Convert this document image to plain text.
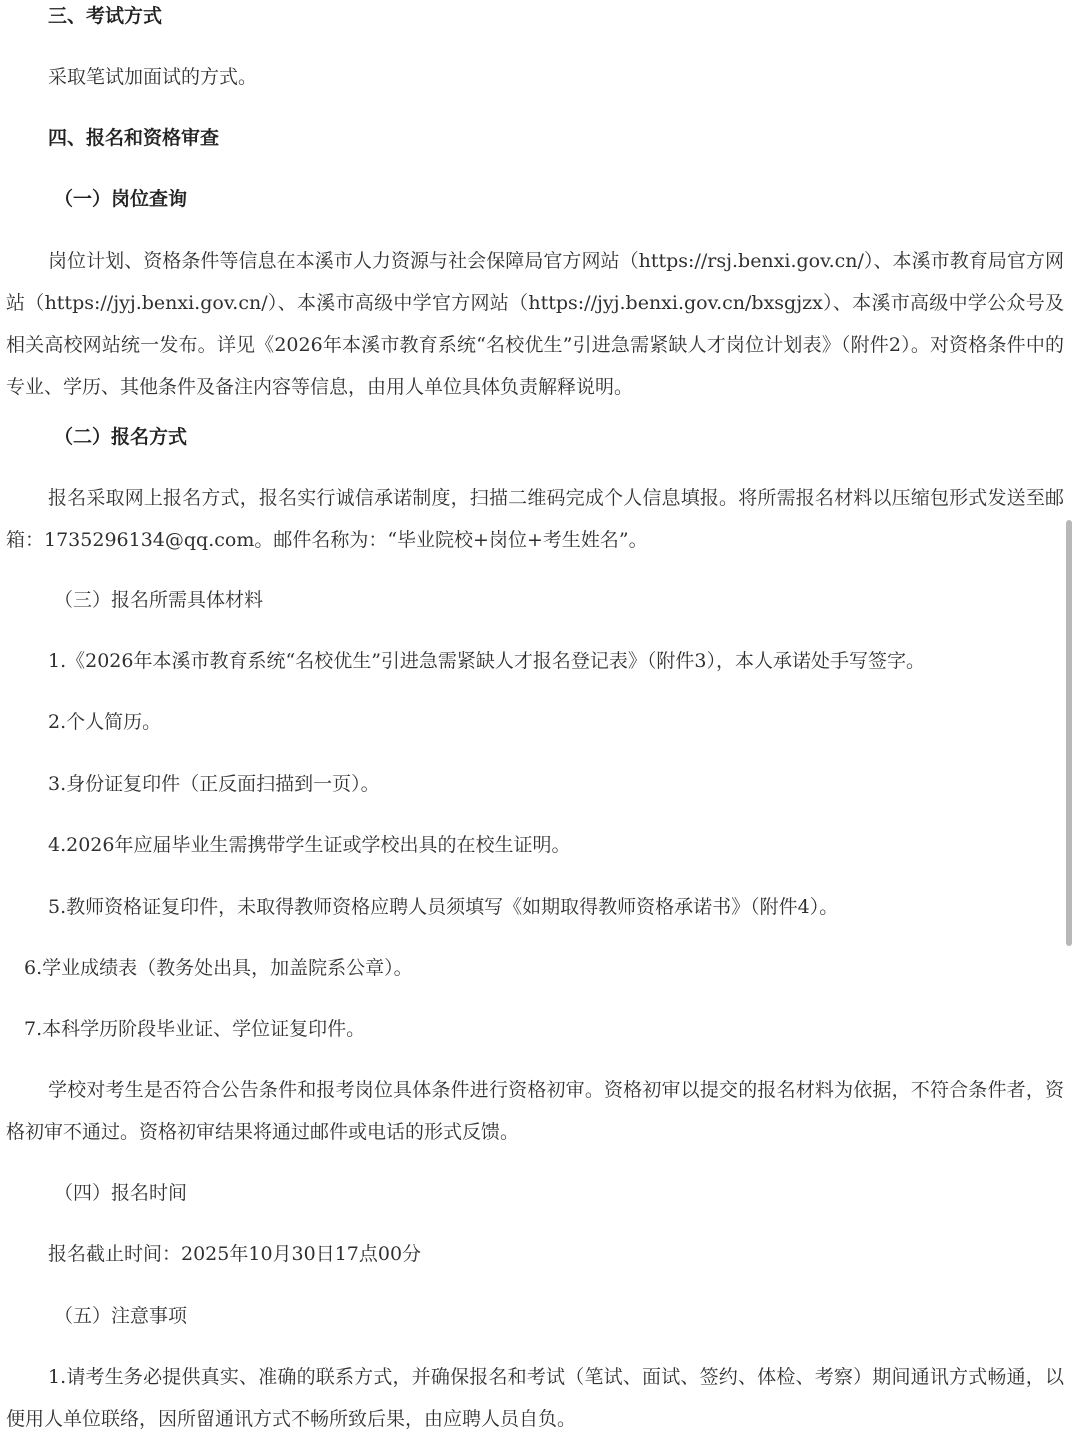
三、考试方式
采取笔试加面试的方式。
四、报名和资格审查
（一）岗位查询
岗位计划、资格条件等信息在本溪市人力资源与社会保障局官方网站（https://rsj.benxi.gov.cn/）、本溪市教育局官方网站（https://jyj.benxi.gov.cn/）、本溪市高级中学官方网站（https://jyj.benxi.gov.cn/bxsgjzx）、本溪市高级中学公众号及相关高校网站统一发布。详见《2026年本溪市教育系统“名校优生”引进急需紧缺人才岗位计划表》（附件2）。对资格条件中的专业、学历、其他条件及备注内容等信息，由用人单位具体负责解释说明。
（二）报名方式
报名采取网上报名方式，报名实行诚信承诺制度，扫描二维码完成个人信息填报。将所需报名材料以压缩包形式发送至邮箱：1735296134@qq.com。邮件名称为：“毕业院校+岗位+考生姓名”。
（三）报名所需具体材料
1.《2026年本溪市教育系统“名校优生”引进急需紧缺人才报名登记表》（附件3），本人承诺处手写签字。
2.个人简历。
3.身份证复印件（正反面扫描到一页）。
4.2026年应届毕业生需携带学生证或学校出具的在校生证明。
5.教师资格证复印件，未取得教师资格应聘人员须填写《如期取得教师资格承诺书》（附件4）。
6.学业成绩表（教务处出具，加盖院系公章）。
7.本科学历阶段毕业证、学位证复印件。
学校对考生是否符合公告条件和报考岗位具体条件进行资格初审。资格初审以提交的报名材料为依据，不符合条件者，资格初审不通过。资格初审结果将通过邮件或电话的形式反馈。
（四）报名时间
报名截止时间：2025年10月30日17点00分
（五）注意事项
1.请考生务必提供真实、准确的联系方式，并确保报名和考试（笔试、面试、签约、体检、考察）期间通讯方式畅通，以便用人单位联络，因所留通讯方式不畅所致后果，由应聘人员自负。
